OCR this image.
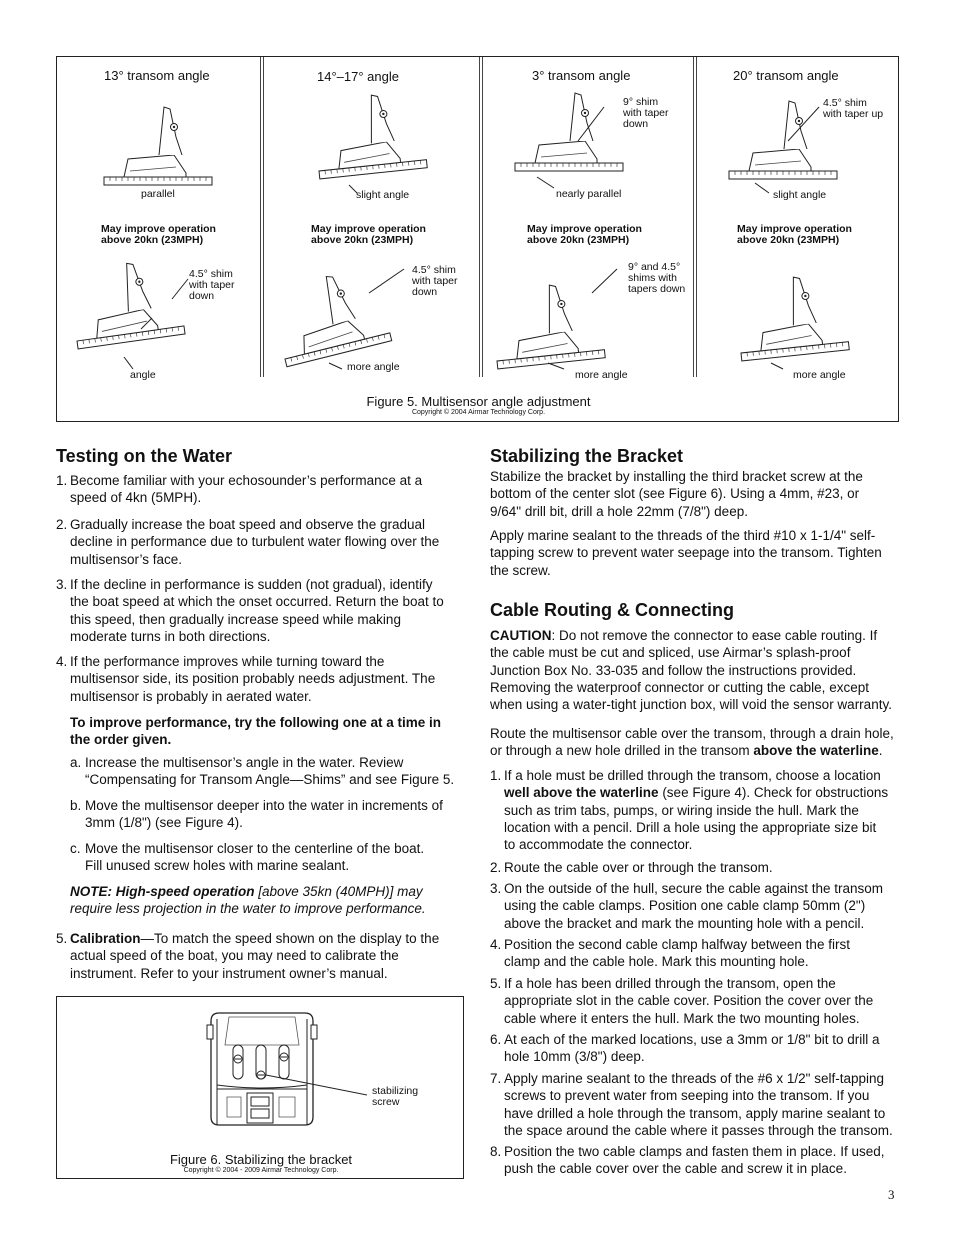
13° transom angle
parallel
May improve operation
above 20kn (23MPH)
4.5° shim
with taper
down
angle
14°–17° angle
slight angle
May improve operation
above 20kn (23MPH)
4.5° shim
with taper
down
more angle
3° transom angle
9° shim
with taper
down
nearly parallel
May improve operation
above 20kn (23MPH)
9° and 4.5°
shims with
tapers down
more angle
20° transom angle
4.5° shim
with taper up
slight angle
May improve operation
above 20kn (23MPH)
more angle
Figure 5. Multisensor angle adjustment
Copyright © 2004 Airmar Technology Corp.
Testing on the Water
1. Become familiar with your echosounder’s performance at a
speed of 4kn (5MPH).
2. Gradually increase the boat speed and observe the gradual
decline in performance due to turbulent water flowing over the
multisensor’s face.
3. If the decline in performance is sudden (not gradual), identify
the boat speed at which the onset occurred. Return the boat to
this speed, then gradually increase speed while making
moderate turns in both directions.
4. If the performance improves while turning toward the
multisensor side, its position probably needs adjustment. The
multisensor is probably in aerated water.
To improve performance, try the following one at a time in
the order given.
a. Increase the multisensor’s angle in the water. Review
“Compensating for Transom Angle—Shims” and see Figure 5.
b. Move the multisensor deeper into the water in increments of
3mm (1/8") (see Figure 4).
c. Move the multisensor closer to the centerline of the boat.
Fill unused screw holes with marine sealant.
NOTE: High-speed operation [above 35kn (40MPH)] may
require less projection in the water to improve performance.
5. Calibration—To match the speed shown on the display to the
actual speed of the boat, you may need to calibrate the
instrument. Refer to your instrument owner’s manual.
stabilizing
screw
Figure 6. Stabilizing the bracket
Copyright © 2004 - 2009 Airmar Technology Corp.
Stabilizing the Bracket
Stabilize the bracket by installing the third bracket screw at the
bottom of the center slot (see Figure 6). Using a 4mm, #23, or
9/64" drill bit, drill a hole 22mm (7/8") deep.
Apply marine sealant to the threads of the third #10 x 1-1/4" self-
tapping screw to prevent water seepage into the transom. Tighten
the screw.
Cable Routing & Connecting
CAUTION: Do not remove the connector to ease cable routing. If
the cable must be cut and spliced, use Airmar’s splash-proof
Junction Box No. 33-035 and follow the instructions provided.
Removing the waterproof connector or cutting the cable, except
when using a water-tight junction box, will void the sensor warranty.
Route the multisensor cable over the transom, through a drain hole,
or through a new hole drilled in the transom above the waterline.
1. If a hole must be drilled through the transom, choose a location
well above the waterline (see Figure 4). Check for obstructions
such as trim tabs, pumps, or wiring inside the hull. Mark the
location with a pencil. Drill a hole using the appropriate size bit
to accommodate the connector.
2. Route the cable over or through the transom.
3. On the outside of the hull, secure the cable against the transom
using the cable clamps. Position one cable clamp 50mm (2")
above the bracket and mark the mounting hole with a pencil.
4. Position the second cable clamp halfway between the first
clamp and the cable hole. Mark this mounting hole.
5. If a hole has been drilled through the transom, open the
appropriate slot in the cable cover. Position the cover over the
cable where it enters the hull. Mark the two mounting holes.
6. At each of the marked locations, use a 3mm or 1/8" bit to drill a
hole 10mm (3/8") deep.
7. Apply marine sealant to the threads of the #6 x 1/2" self-tapping
screws to prevent water from seeping into the transom. If you
have drilled a hole through the transom, apply marine sealant to
the space around the cable where it passes through the transom.
8. Position the two cable clamps and fasten them in place. If used,
push the cable cover over the cable and screw it in place.
3
